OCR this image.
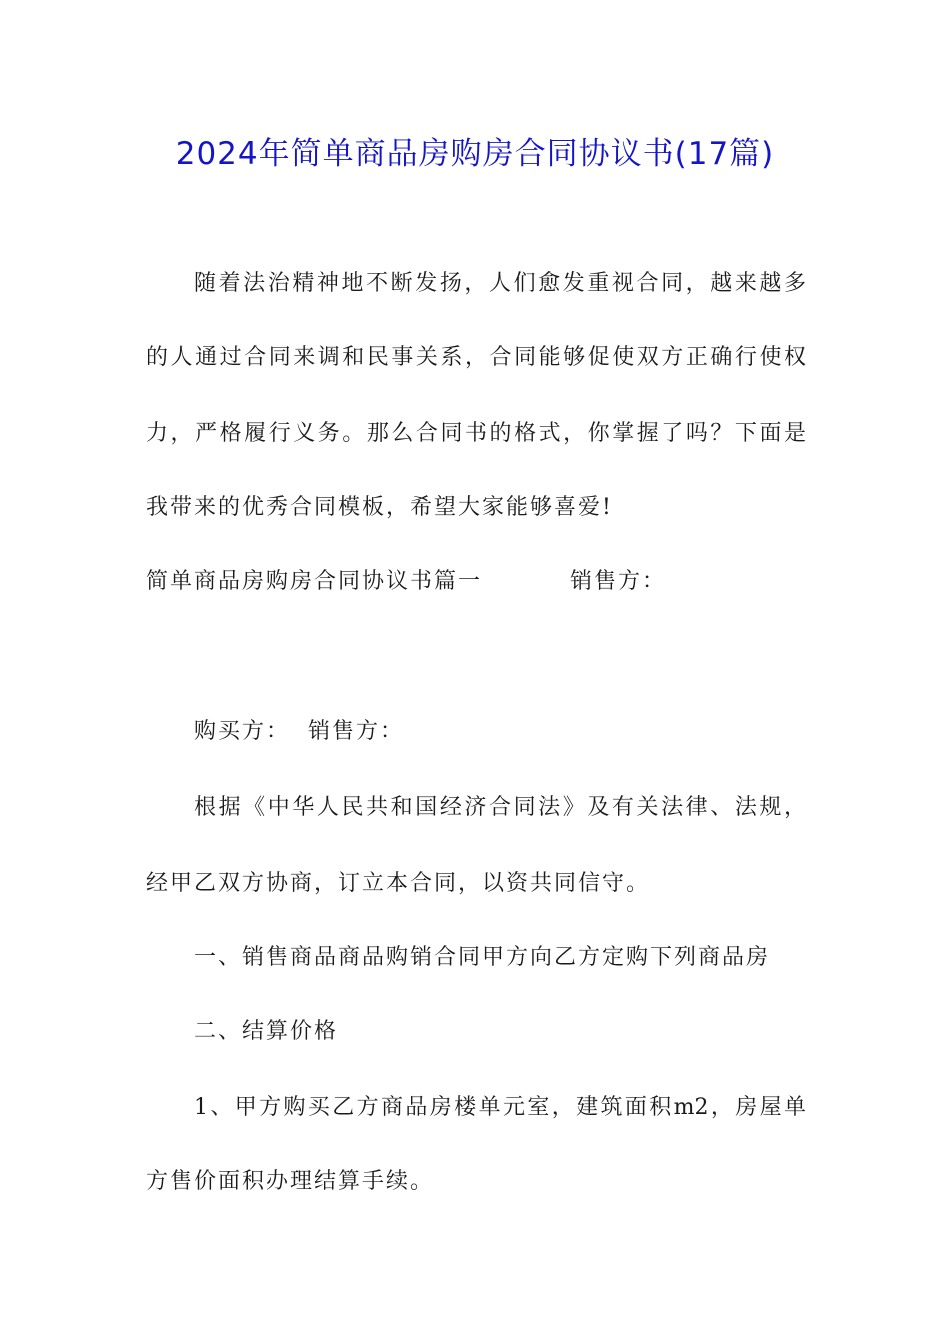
2024年简单商品房购房合同协议书(17篇)

随着法治精神地不断发扬，人们愈发重视合同，越来越多

的人通过合同来调和民事关系，合同能够促使双方正确行使权

力，严格履行义务。那么合同书的格式，你掌握了吗？下面是

我带来的优秀合同模板，希望大家能够喜爱!

简单商品房购房合同协议书篇一	销售方：

购买方：  销售方：

根据《中华人民共和国经济合同法》及有关法律、法规，

经甲乙双方协商，订立本合同，以资共同信守。

一、销售商品商品购销合同甲方向乙方定购下列商品房

二、结算价格

1、甲方购买乙方商品房楼单元室，建筑面积m2，房屋单

方售价面积办理结算手续。
